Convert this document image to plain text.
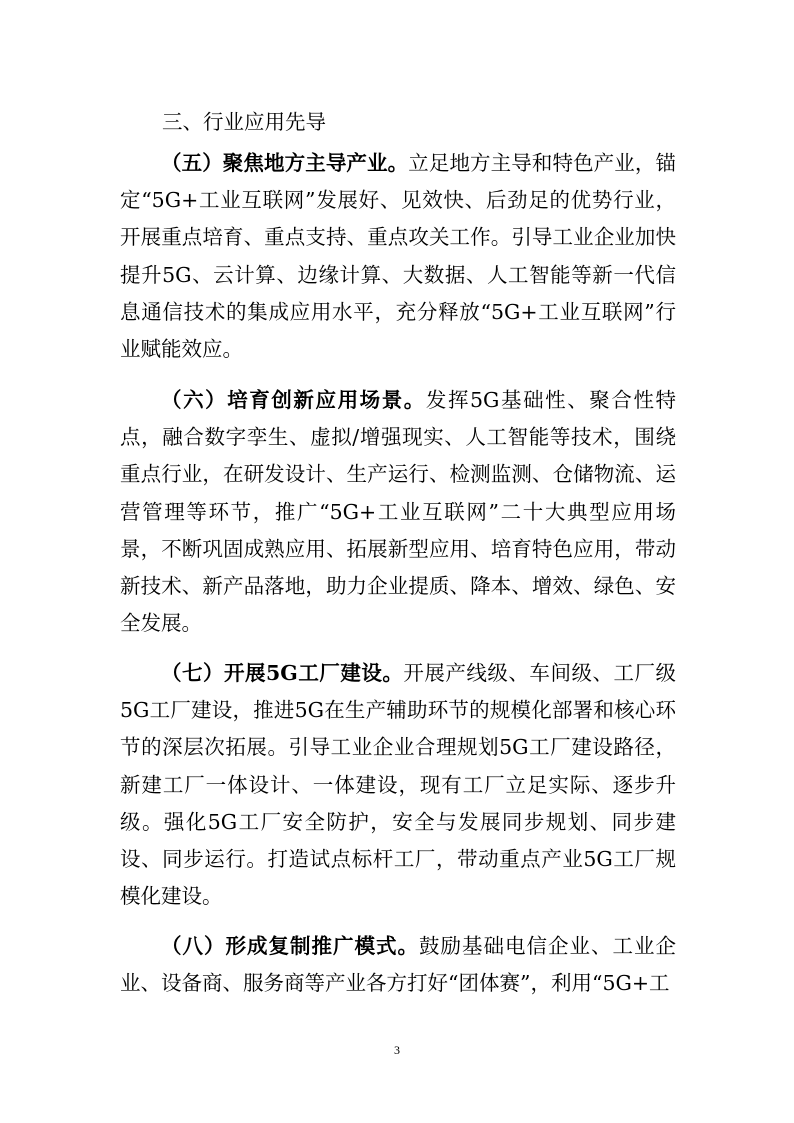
三、行业应用先导

（五）聚焦地方主导产业。立足地方主导和特色产业，锚定“5G+工业互联网”发展好、见效快、后劲足的优势行业，开展重点培育、重点支持、重点攻关工作。引导工业企业加快提升5G、云计算、边缘计算、大数据、人工智能等新一代信息通信技术的集成应用水平，充分释放“5G+工业互联网”行业赋能效应。

（六）培育创新应用场景。发挥5G基础性、聚合性特点，融合数字孪生、虚拟/增强现实、人工智能等技术，围绕重点行业，在研发设计、生产运行、检测监测、仓储物流、运营管理等环节，推广“5G+工业互联网”二十大典型应用场景，不断巩固成熟应用、拓展新型应用、培育特色应用，带动新技术、新产品落地，助力企业提质、降本、增效、绿色、安全发展。

（七）开展5G工厂建设。开展产线级、车间级、工厂级5G工厂建设，推进5G在生产辅助环节的规模化部署和核心环节的深层次拓展。引导工业企业合理规划5G工厂建设路径，新建工厂一体设计、一体建设，现有工厂立足实际、逐步升级。强化5G工厂安全防护，安全与发展同步规划、同步建设、同步运行。打造试点标杆工厂，带动重点产业5G工厂规模化建设。

（八）形成复制推广模式。鼓励基础电信企业、工业企业、设备商、服务商等产业各方打好“团体赛”，利用“5G+工

3
